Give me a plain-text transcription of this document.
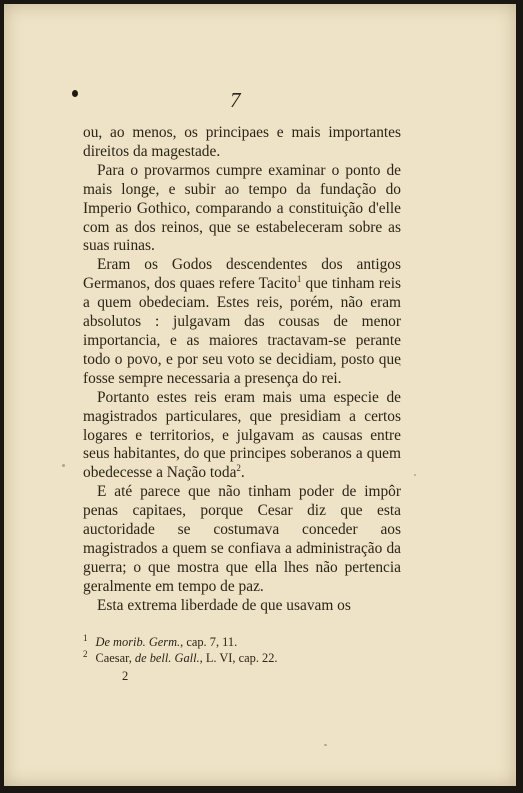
7

ou, ao menos, os principaes e mais importantes direitos da magestade.

Para o provarmos cumpre examinar o ponto de mais longe, e subir ao tempo da fundação do Imperio Gothico, comparando a constituição d'elle com as dos reinos, que se estabeleceram sobre as suas ruinas.

Eram os Godos descendentes dos antigos Germanos, dos quaes refere Tacito$^1$ que tinham reis a quem obedeciam. Estes reis, porém, não eram absolutos : julgavam das cousas de menor importancia, e as maiores tractavam-se perante todo o povo, e por seu voto se decidiam, posto que fosse sempre necessaria a presença do rei.

Portanto estes reis eram mais uma especie de magistrados particulares, que presidiam a certos logares e territorios, e julgavam as causas entre seus habitantes, do que principes soberanos a quem obedecesse a Nação toda$^2$.

E até parece que não tinham poder de impôr penas capitaes, porque Cesar diz que esta auctoridade se costumava conceder aos magistrados a quem se confiava a administração da guerra; o que mostra que ella lhes não pertencia geralmente em tempo de paz.

Esta extrema liberdade de que usavam os

$^1$ De morib. Germ., cap. 7, 11.
$^2$ Caesar, de bell. Gall., L. VI, cap. 22.
2
